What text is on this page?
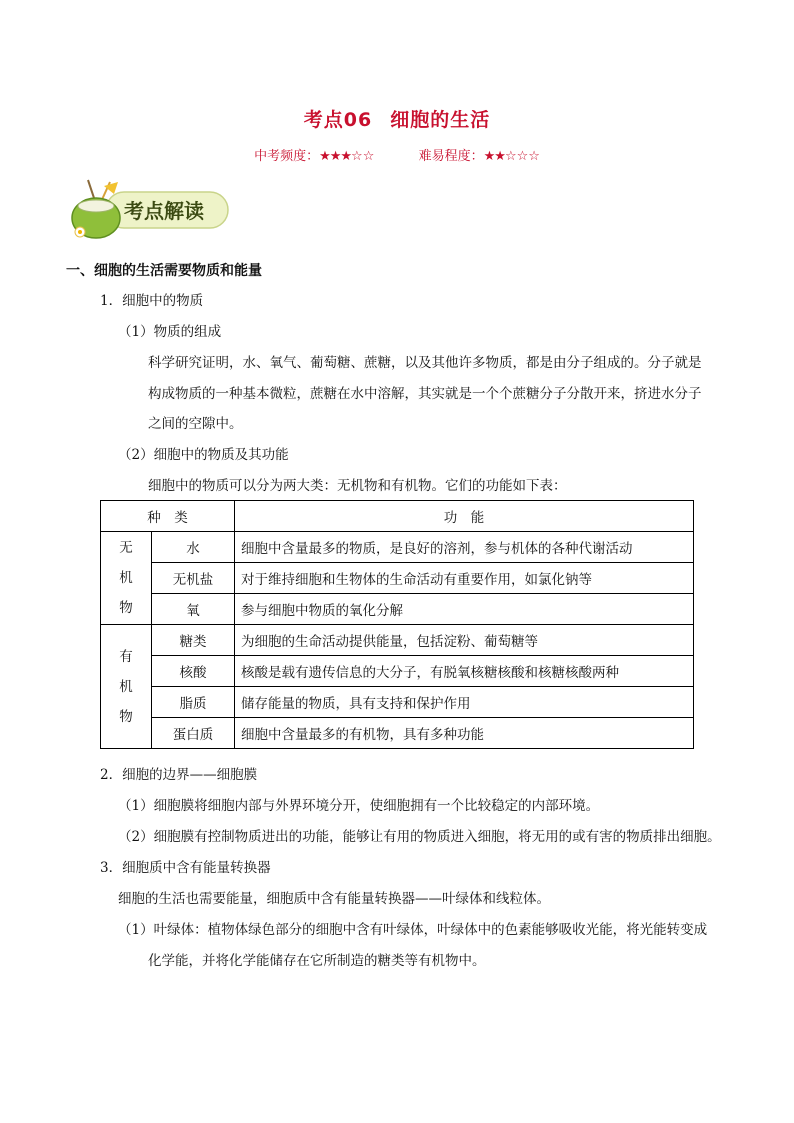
考点06 细胞的生活
中考频度：★★★☆☆	难易程度：★★☆☆☆
考点解读
一、细胞的生活需要物质和能量
1．细胞中的物质
（1）物质的组成
科学研究证明，水、氧气、葡萄糖、蔗糖，以及其他许多物质，都是由分子组成的。分子就是
构成物质的一种基本微粒，蔗糖在水中溶解，其实就是一个个蔗糖分子分散开来，挤进水分子
之间的空隙中。
（2）细胞中的物质及其功能
细胞中的物质可以分为两大类：无机物和有机物。它们的功能如下表：
种　类		功　能
无
机
物	水	细胞中含量最多的物质，是良好的溶剂，参与机体的各种代谢活动
	无机盐	对于维持细胞和生物体的生命活动有重要作用，如氯化钠等
	氧	参与细胞中物质的氧化分解
有
机
物	糖类	为细胞的生命活动提供能量，包括淀粉、葡萄糖等
	核酸	核酸是载有遗传信息的大分子，有脱氧核糖核酸和核糖核酸两种
	脂质	储存能量的物质，具有支持和保护作用
	蛋白质	细胞中含量最多的有机物，具有多种功能
2．细胞的边界——细胞膜
（1）细胞膜将细胞内部与外界环境分开，使细胞拥有一个比较稳定的内部环境。
（2）细胞膜有控制物质进出的功能，能够让有用的物质进入细胞，将无用的或有害的物质排出细胞。
3．细胞质中含有能量转换器
细胞的生活也需要能量，细胞质中含有能量转换器——叶绿体和线粒体。
（1）叶绿体：植物体绿色部分的细胞中含有叶绿体，叶绿体中的色素能够吸收光能，将光能转变成
化学能，并将化学能储存在它所制造的糖类等有机物中。
